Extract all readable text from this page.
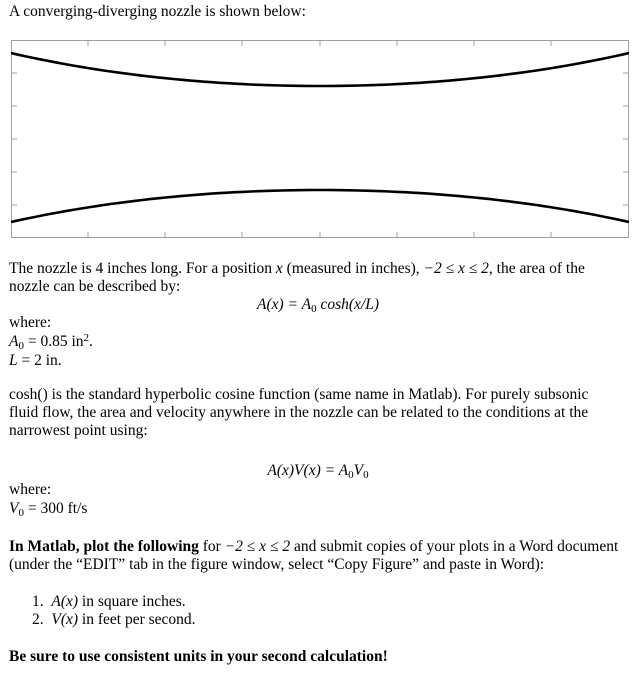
A converging-diverging nozzle is shown below:
The nozzle is 4 inches long. For a position x (measured in inches), −2 ≤ x ≤ 2, the area of the nozzle can be described by:
$A(x) = A_0$ cosh(x/L)
where:
$A_0 = 0.85$ $in^2$.
L = 2 in.
cosh() is the standard hyperbolic cosine function (same name in Matlab). For purely subsonic fluid flow, the area and velocity anywhere in the nozzle can be related to the conditions at the narrowest point using:
$A(x)V(x) = A_0V_0$
where:
$V_0 = 300$ ft/s
In Matlab, plot the following for −2 ≤ x ≤ 2 and submit copies of your plots in a Word document (under the “EDIT” tab in the figure window, select “Copy Figure” and paste in Word):
1. A(x) in square inches.
2. V(x) in feet per second.
Be sure to use consistent units in your second calculation!
